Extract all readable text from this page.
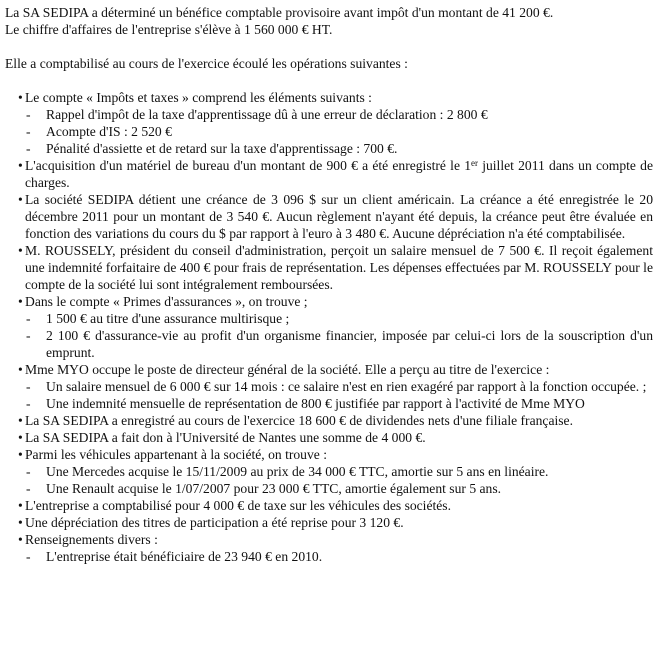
La SA SEDIPA a déterminé un bénéfice comptable provisoire avant impôt d'un montant de 41 200 €.

Le chiffre d'affaires de l'entreprise s'élève à 1 560 000 € HT.

Elle a comptabilisé au cours de l'exercice écoulé les opérations suivantes :

• Le compte « Impôts et taxes » comprend les éléments suivants :
- Rappel d'impôt de la taxe d'apprentissage dû à une erreur de déclaration : 2 800 €
- Acompte d'IS : 2 520 €
- Pénalité d'assiette et de retard sur la taxe d'apprentissage : 700 €.
• L'acquisition d'un matériel de bureau d'un montant de 900 € a été enregistré le 1er juillet 2011 dans un compte de charges.
• La société SEDIPA détient une créance de 3 096 $ sur un client américain. La créance a été enregistrée le 20 décembre 2011 pour un montant de 3 540 €. Aucun règlement n'ayant été depuis, la créance peut être évaluée en fonction des variations du cours du $ par rapport à l'euro à 3 480 €. Aucune dépréciation n'a été comptabilisée.
• M. ROUSSELY, président du conseil d'administration, perçoit un salaire mensuel de 7 500 €. Il reçoit également une indemnité forfaitaire de 400 € pour frais de représentation. Les dépenses effectuées par M. ROUSSELY pour le compte de la société lui sont intégralement remboursées.
• Dans le compte « Primes d'assurances », on trouve ;
- 1 500 € au titre d'une assurance multirisque ;
- 2 100 € d'assurance-vie au profit d'un organisme financier, imposée par celui-ci lors de la souscription d'un emprunt.
• Mme MYO occupe le poste de directeur général de la société. Elle a perçu au titre de l'exercice :
- Un salaire mensuel de 6 000 € sur 14 mois : ce salaire n'est en rien exagéré par rapport à la fonction occupée. ;
- Une indemnité mensuelle de représentation de 800 € justifiée par rapport à l'activité de Mme MYO
• La SA SEDIPA a enregistré au cours de l'exercice 18 600 € de dividendes nets d'une filiale française.
• La SA SEDIPA a fait don à l'Université de Nantes une somme de 4 000 €.
• Parmi les véhicules appartenant à la société, on trouve :
- Une Mercedes acquise le 15/11/2009 au prix de 34 000 € TTC, amortie sur 5 ans en linéaire.
- Une Renault acquise le 1/07/2007 pour 23 000 € TTC, amortie également sur 5 ans.
• L'entreprise a comptabilisé pour 4 000 € de taxe sur les véhicules des sociétés.
• Une dépréciation des titres de participation a été reprise pour 3 120 €.
• Renseignements divers :
- L'entreprise était bénéficiaire de 23 940 € en 2010.
